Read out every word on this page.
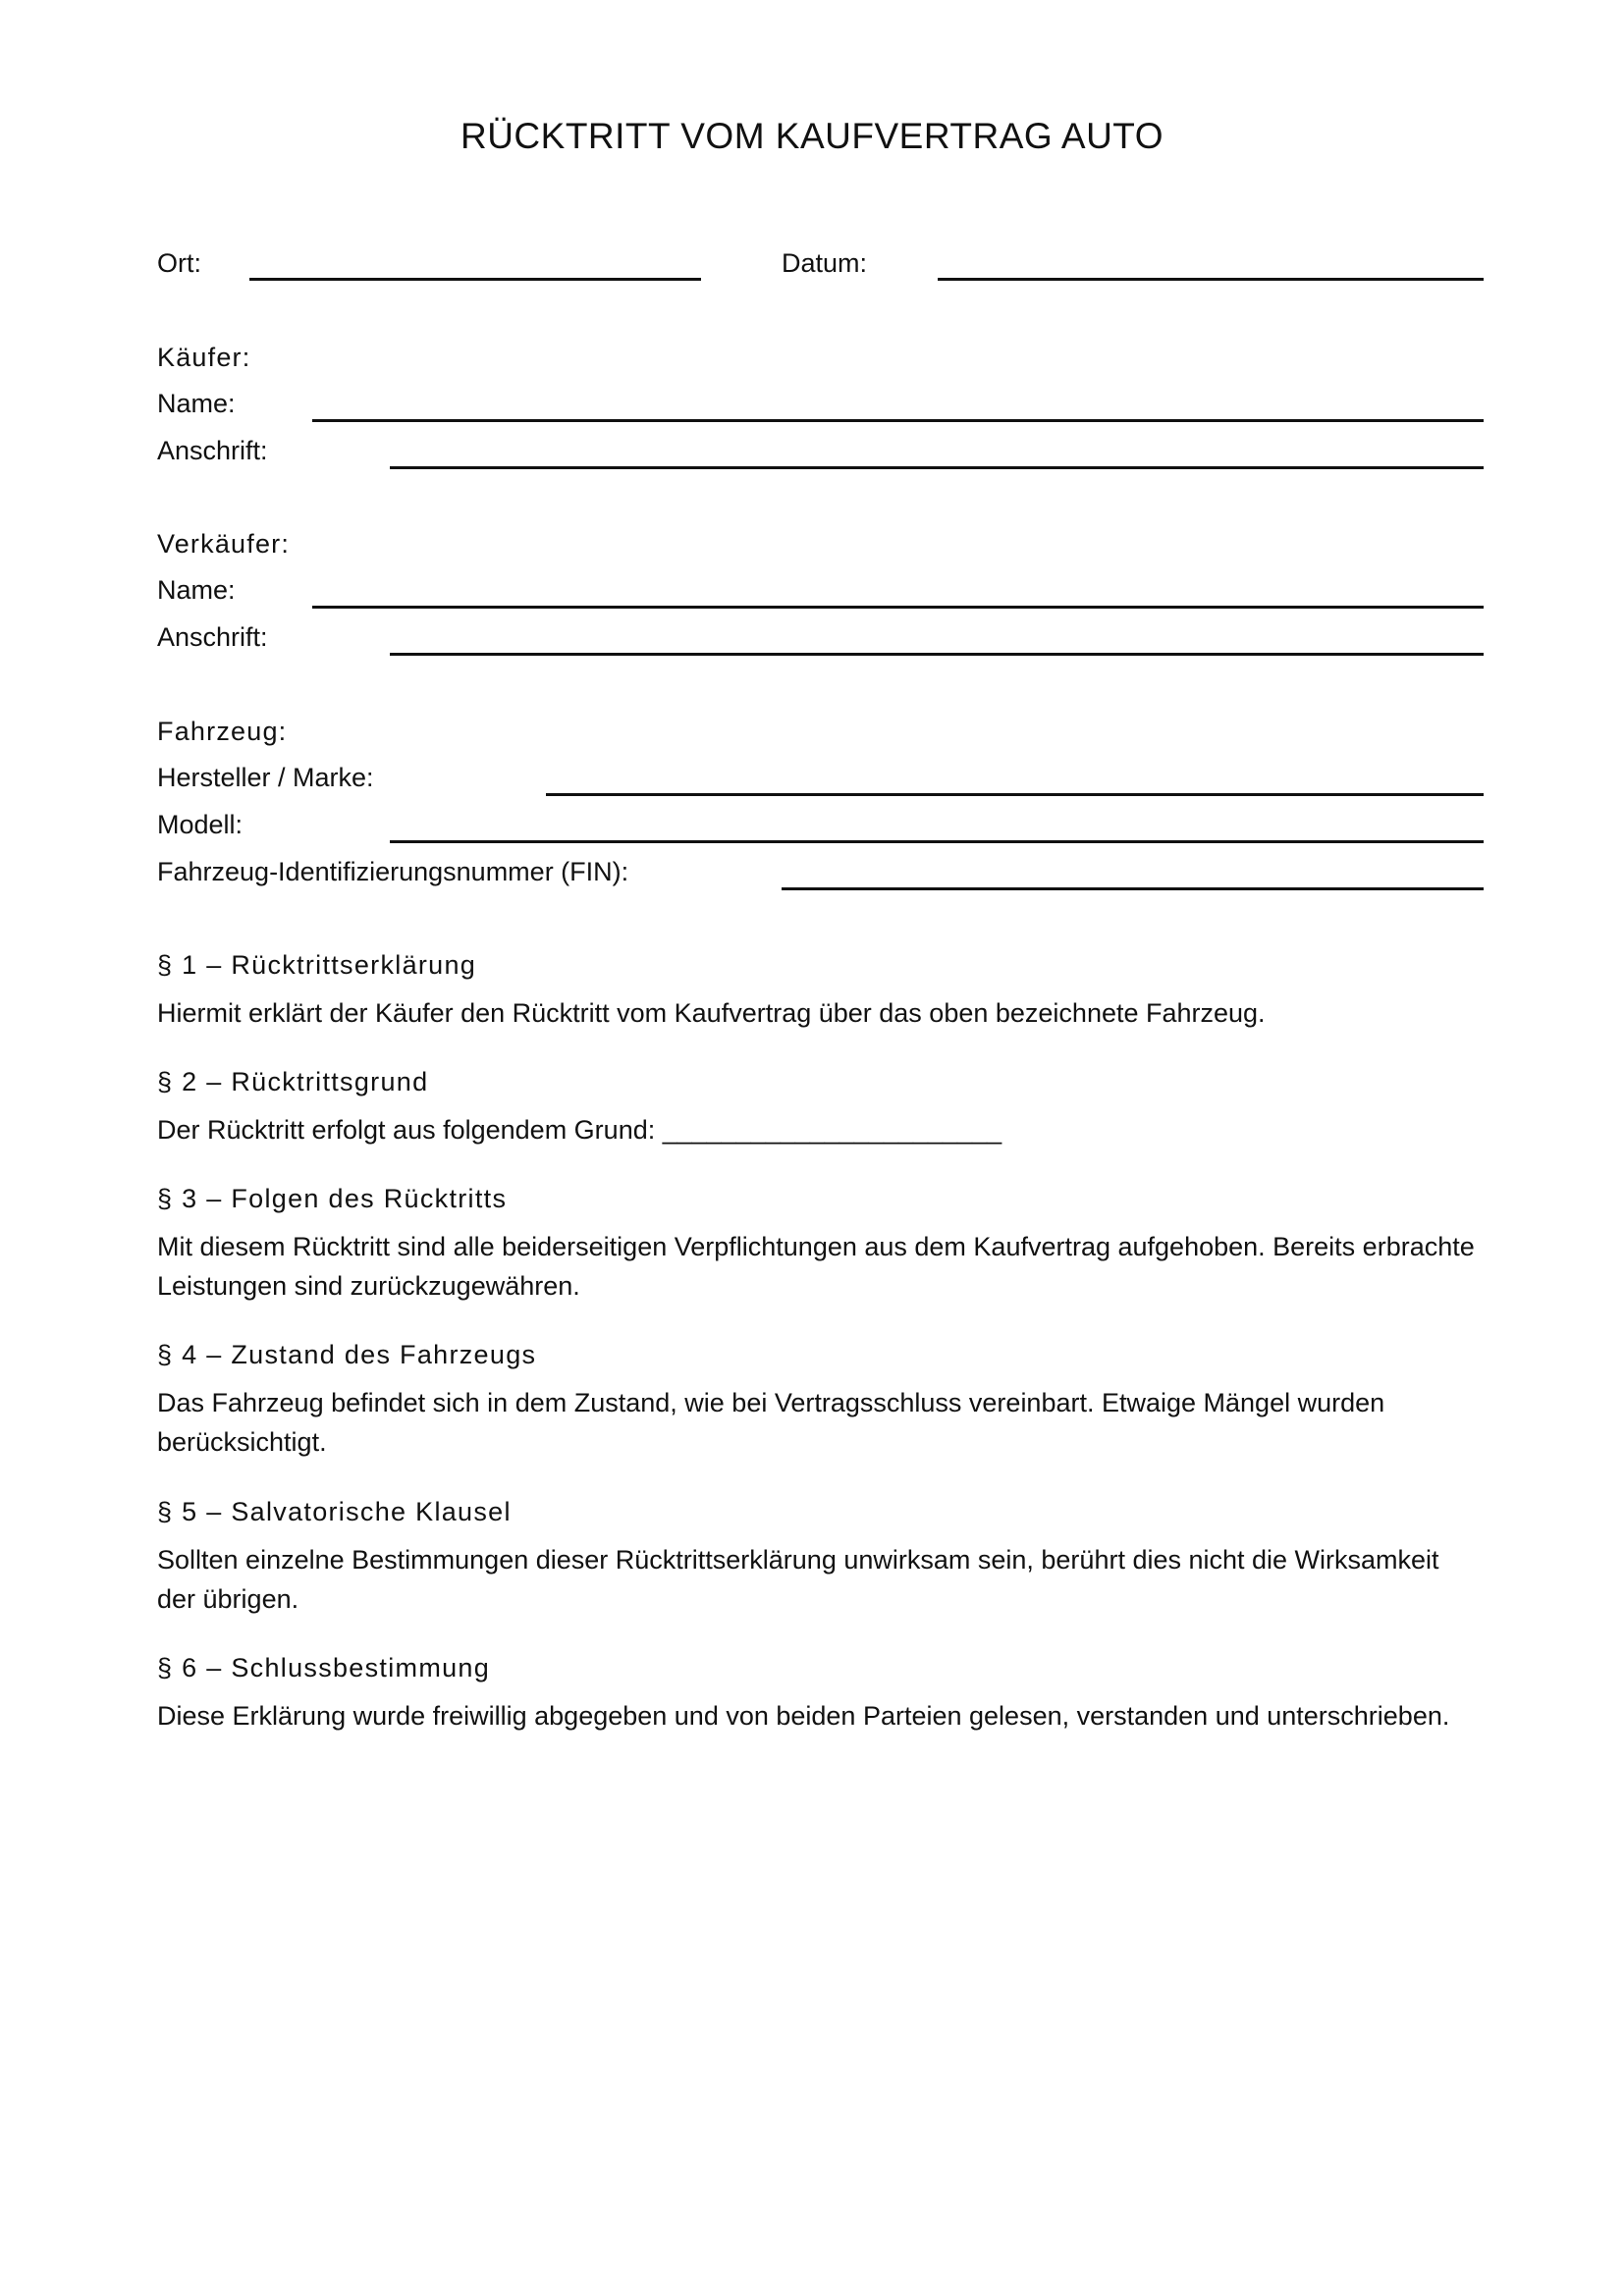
RÜCKTRITT VOM KAUFVERTRAG AUTO
Ort:	Datum:
Käufer:
Name:
Anschrift:
Verkäufer:
Name:
Anschrift:
Fahrzeug:
Hersteller / Marke:
Modell:
Fahrzeug-Identifizierungsnummer (FIN):
§ 1 – Rücktrittserklärung
Hiermit erklärt der Käufer den Rücktritt vom Kaufvertrag über das oben bezeichnete Fahrzeug.
§ 2 – Rücktrittsgrund
Der Rücktritt erfolgt aus folgendem Grund: _______________________
§ 3 – Folgen des Rücktritts
Mit diesem Rücktritt sind alle beiderseitigen Verpflichtungen aus dem Kaufvertrag aufgehoben. Bereits erbrachte Leistungen sind zurückzugewähren.
§ 4 – Zustand des Fahrzeugs
Das Fahrzeug befindet sich in dem Zustand, wie bei Vertragsschluss vereinbart. Etwaige Mängel wurden berücksichtigt.
§ 5 – Salvatorische Klausel
Sollten einzelne Bestimmungen dieser Rücktrittserklärung unwirksam sein, berührt dies nicht die Wirksamkeit der übrigen.
§ 6 – Schlussbestimmung
Diese Erklärung wurde freiwillig abgegeben und von beiden Parteien gelesen, verstanden und unterschrieben.
